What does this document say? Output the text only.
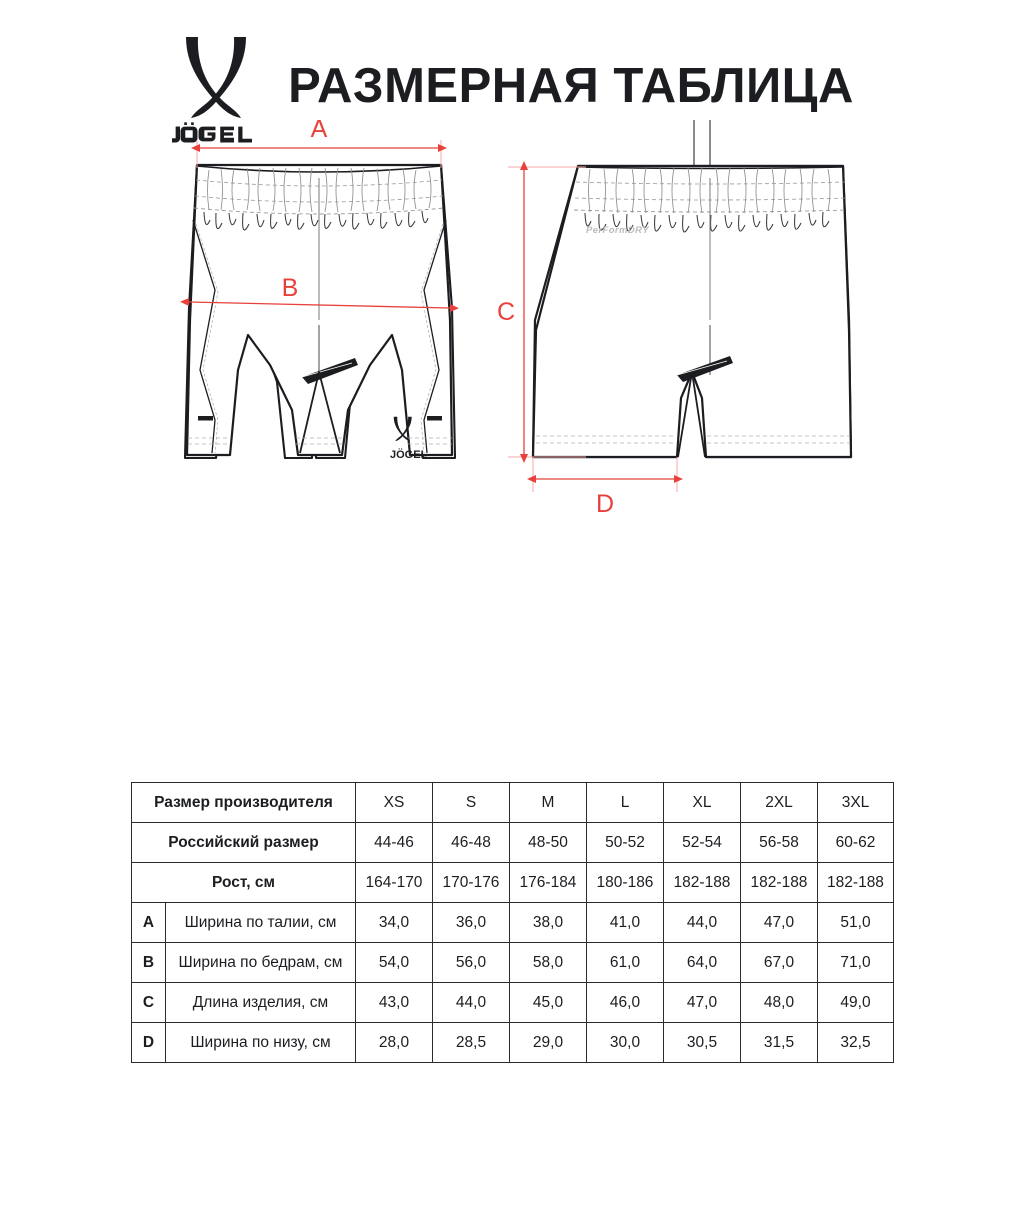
РАЗМЕРНАЯ ТАБЛИЦА
JÖGEL
A
B
PerFormDRY
C
D
Размер производителя		XS	S	M	L	XL	2XL	3XL
Российский размер		44-46	46-48	48-50	50-52	52-54	56-58	60-62
Рост, см		164-170	170-176	176-184	180-186	182-188	182-188	182-188
A	Ширина по талии, см	34,0	36,0	38,0	41,0	44,0	47,0	51,0
B	Ширина по бедрам, см	54,0	56,0	58,0	61,0	64,0	67,0	71,0
C	Длина изделия, см	43,0	44,0	45,0	46,0	47,0	48,0	49,0
D	Ширина по низу, см	28,0	28,5	29,0	30,0	30,5	31,5	32,5
